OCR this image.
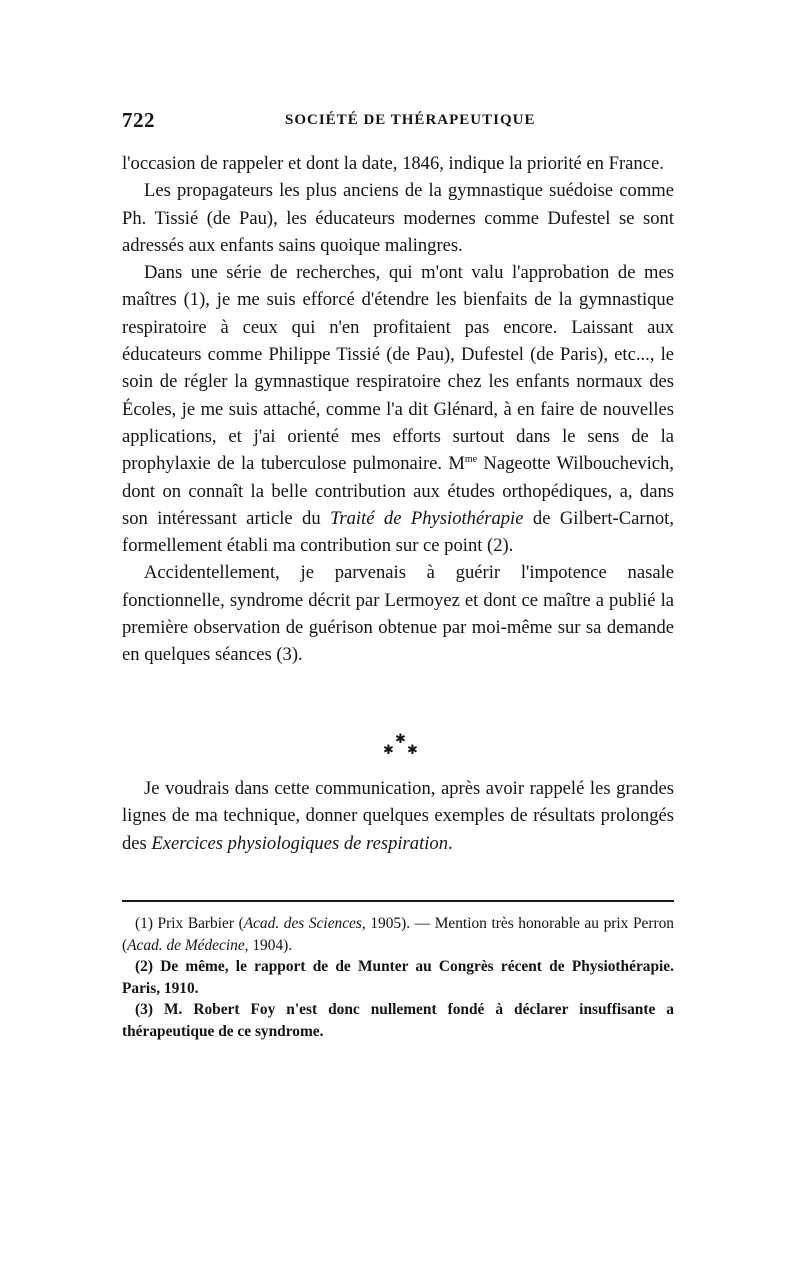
722	SOCIÉTÉ DE THÉRAPEUTIQUE

l'occasion de rappeler et dont la date, 1846, indique la priorité en France.

Les propagateurs les plus anciens de la gymnastique suédoise comme Ph. Tissié (de Pau), les éducateurs modernes comme Dufestel se sont adressés aux enfants sains quoique malingres.

Dans une série de recherches, qui m'ont valu l'approbation de mes maîtres (1), je me suis efforcé d'étendre les bienfaits de la gymnastique respiratoire à ceux qui n'en profitaient pas encore. Laissant aux éducateurs comme Philippe Tissié (de Pau), Dufestel (de Paris), etc..., le soin de régler la gymnastique respiratoire chez les enfants normaux des Écoles, je me suis attaché, comme l'a dit Glénard, à en faire de nouvelles applications, et j'ai orienté mes efforts surtout dans le sens de la prophylaxie de la tuberculose pulmonaire. $M^{me}$ Nageotte Wilbouchevich, dont on connaît la belle contribution aux études orthopédiques, a, dans son intéressant article du Traité de Physiothérapie de Gilbert-Carnot, formellement établi ma contribution sur ce point (2).

Accidentellement, je parvenais à guérir l'impotence nasale fonctionnelle, syndrome décrit par Lermoyez et dont ce maître a publié la première observation de guérison obtenue par moi-même sur sa demande en quelques séances (3).

✱
✱ ✱

Je voudrais dans cette communication, après avoir rappelé les grandes lignes de ma technique, donner quelques exemples de résultats prolongés des Exercices physiologiques de respiration.

(1) Prix Barbier (Acad. des Sciences, 1905). — Mention très honorable au prix Perron (Acad. de Médecine, 1904).

(2) De même, le rapport de de Munter au Congrès récent de Physiothérapie. Paris, 1910.

(3) M. Robert Foy n'est donc nullement fondé à déclarer insuffisante a thérapeutique de ce syndrome.
